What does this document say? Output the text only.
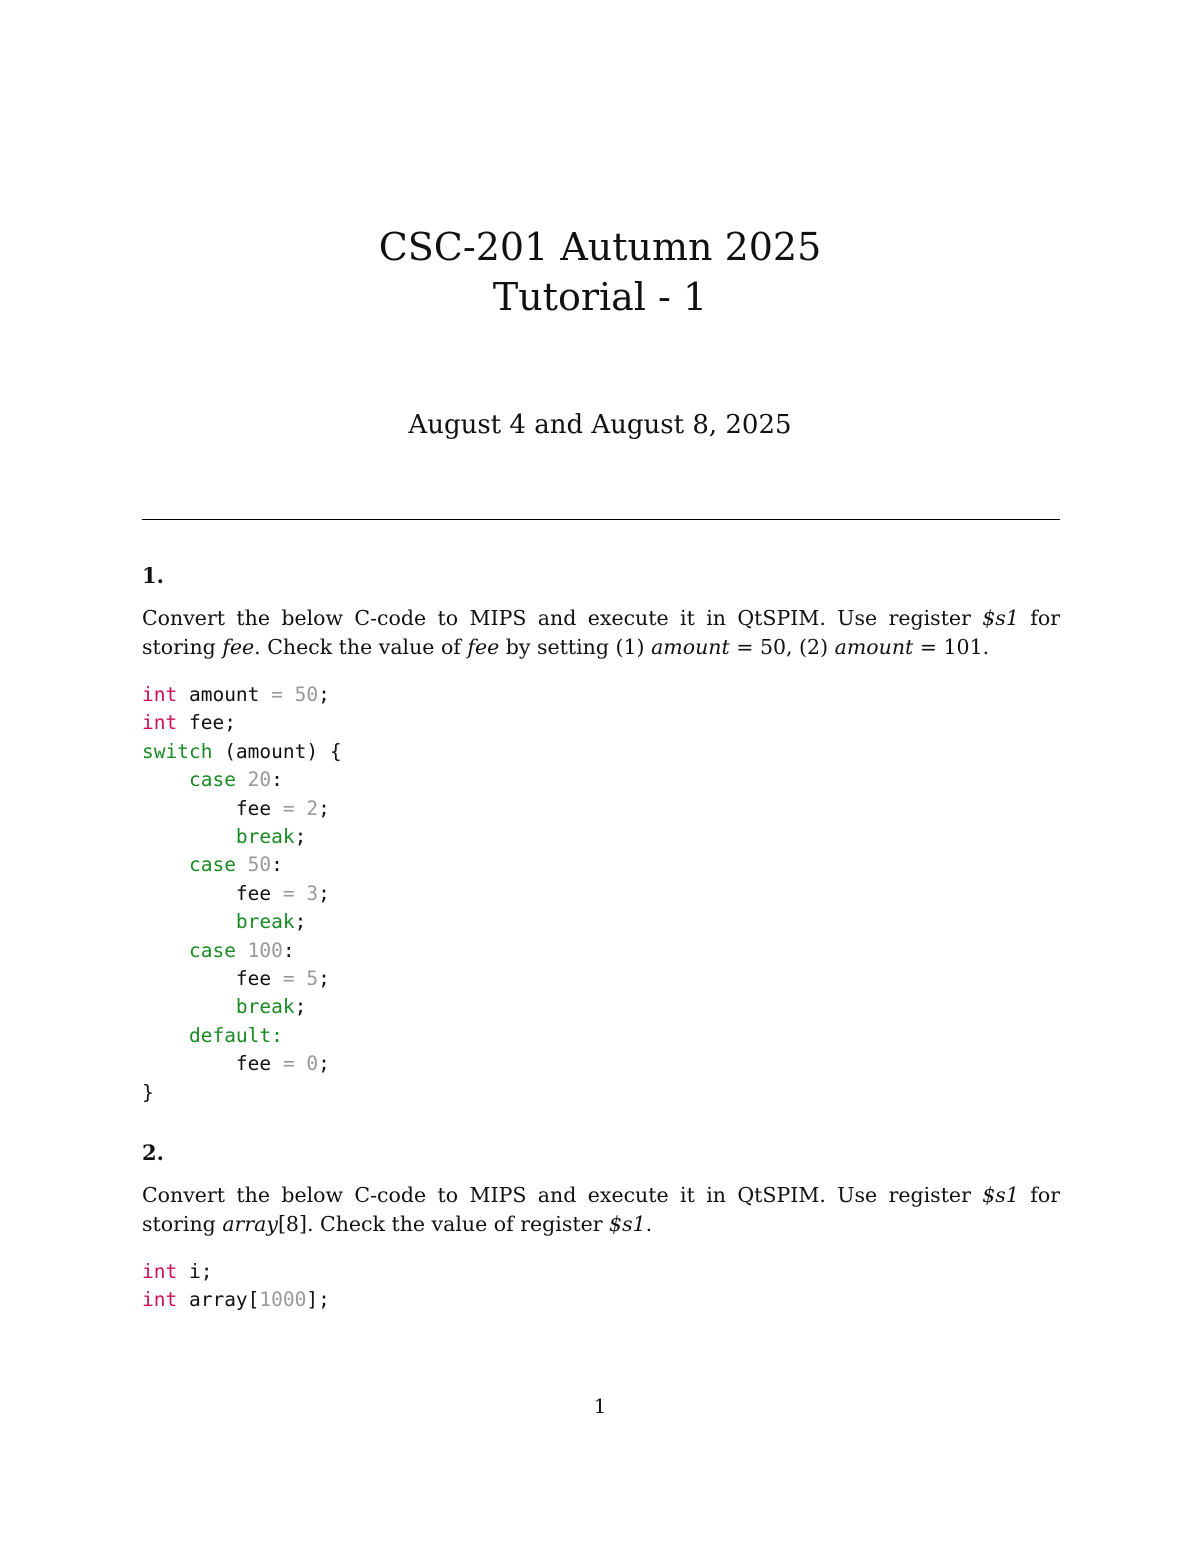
CSC-201 Autumn 2025
Tutorial - 1
August 4 and August 8, 2025
1.
Convert the below C-code to MIPS and execute it in QtSPIM. Use register $s1 for storing fee. Check the value of fee by setting (1) amount = 50, (2) amount = 101.
int amount = 50;
int fee;
switch (amount) {
case 20:
fee = 2;
break;
case 50:
fee = 3;
break;
case 100:
fee = 5;
break;
default:
fee = 0;
}
2.
Convert the below C-code to MIPS and execute it in QtSPIM. Use register $s1 for storing array[8]. Check the value of register $s1.
int i;
int array[1000];
1
